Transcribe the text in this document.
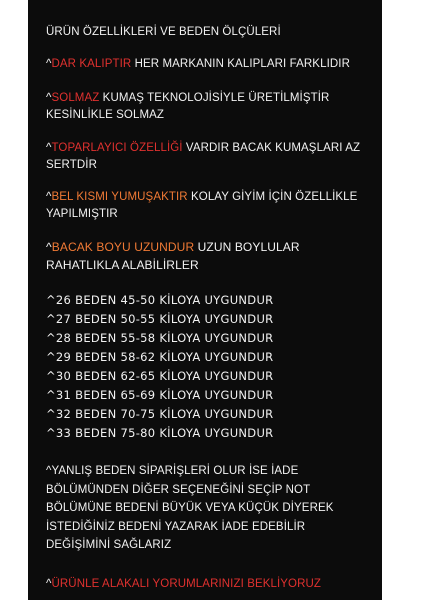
ÜRÜN ÖZELLİKLERİ VE BEDEN ÖLÇÜLERİ

^DAR KALIPTIR HER MARKANIN KALIPLARI FARKLIDIR

^SOLMAZ KUMAŞ TEKNOLOJİSİYLE ÜRETİLMİŞTİR
KESİNLİKLE SOLMAZ

^TOPARLAYICI ÖZELLİĞİ VARDIR BACAK KUMAŞLARI AZ
SERTDİR

^BEL KISMI YUMUŞAKTIR KOLAY GİYİM İÇİN ÖZELLİKLE
YAPILMIŞTIR

^BACAK BOYU UZUNDUR UZUN BOYLULAR
RAHATLIKLA ALABİLİRLER

^26 BEDEN 45-50 KİLOYA UYGUNDUR
^27 BEDEN 50-55 KİLOYA UYGUNDUR
^28 BEDEN 55-58 KİLOYA UYGUNDUR
^29 BEDEN 58-62 KİLOYA UYGUNDUR
^30 BEDEN 62-65 KİLOYA UYGUNDUR
^31 BEDEN 65-69 KİLOYA UYGUNDUR
^32 BEDEN 70-75 KİLOYA UYGUNDUR
^33 BEDEN 75-80 KİLOYA UYGUNDUR

^YANLIŞ BEDEN SİPARİŞLERİ OLUR İSE İADE
BÖLÜMÜNDEN DİĞER SEÇENEĞİNİ SEÇİP NOT
BÖLÜMÜNE BEDENİ BÜYÜK VEYA KÜÇÜK DİYEREK
İSTEDİĞİNİZ BEDENİ YAZARAK İADE EDEBİLİR
DEĞİŞİMİNİ SAĞLARIZ

^ÜRÜNLE ALAKALI YORUMLARINIZI BEKLİYORUZ
